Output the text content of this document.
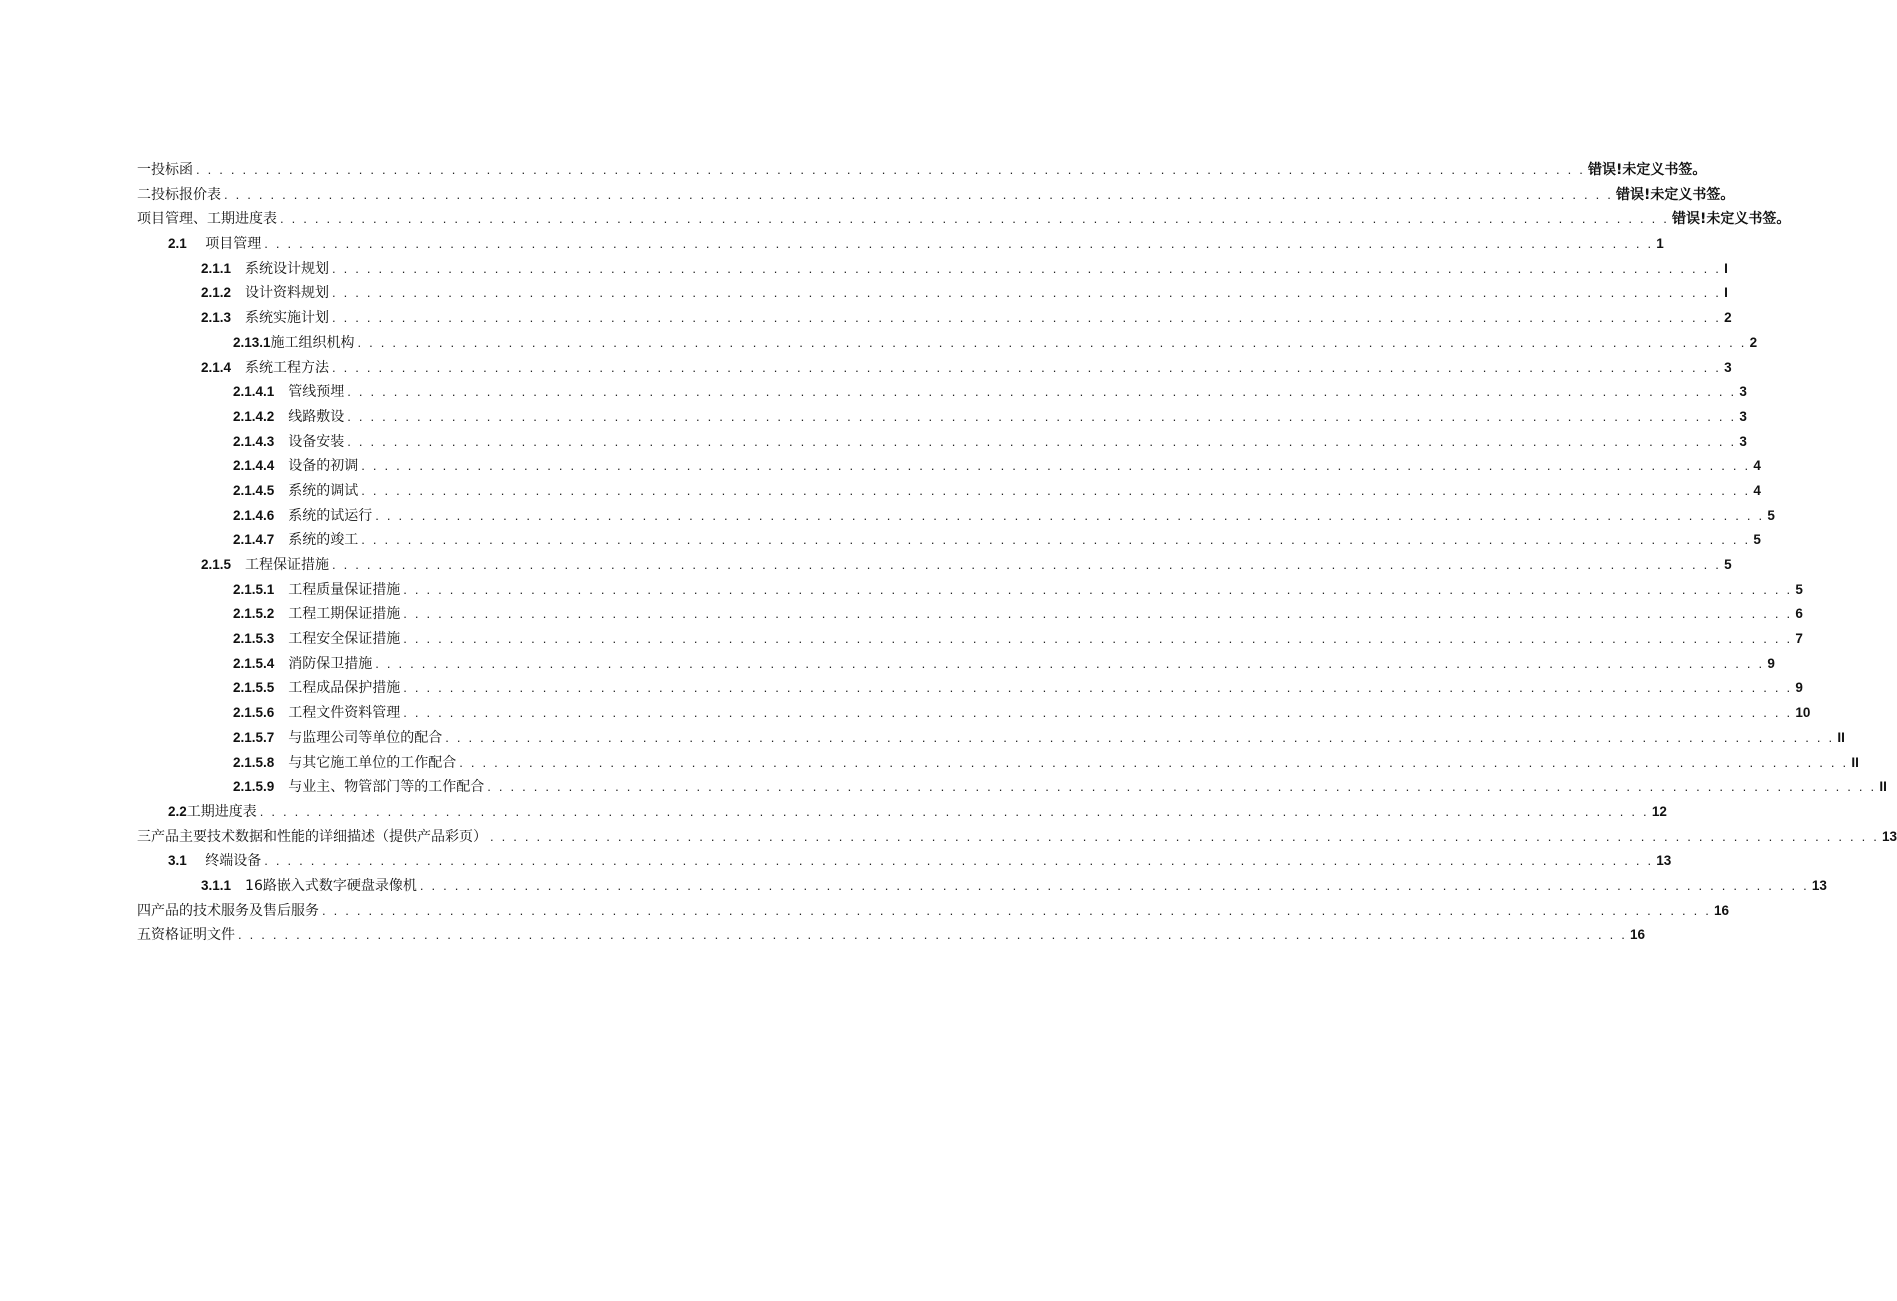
一投标函 . . . . . . . . . . . . . . . . . . . . . . . . . . . . . . . . . . . . . . . . . . . . . . . . . . . . . . . . . . . . . . . . . . . . . . . . . . . . . . . . . . . . . . . . . . . . . . . . . . . . . . . . . . . . . . . . . . . . . . . . 错误!未定义书签。
二投标报价表 . . . . . . . . . . . . . . . . . . . . . . . . . . . . . . . . . . . . . . . . . . . . . . . . . . . . . . . . . . . . . . . . . . . . . . . . . . . . . . . . . . . . . . . . . . . . . . . . . . . . . . . . . . . . . . . . . . . . . . . . 错误!未定义书签。
项目管理、工期进度表 . . . . . . . . . . . . . . . . . . . . . . . . . . . . . . . . . . . . . . . . . . . . . . . . . . . . . . . . . . . . . . . . . . . . . . . . . . . . . . . . . . . . . . . . . . . . . . . . . . . . . . . . . . . . . . . . . . . . . . . . 错误!未定义书签。
2.1  项目管理 . . . . . . . . . . . . . . . . . . . . . . . . . . . . . . . . . . . . . . . . . . . . . . . . . . . . . . . . . . . . . . . . . . . . . . . . . . . . . . . . . . . . . . . . . . . . . . . . . . . . . . . . . . . . . . . . . . . . . . . . 1
2.1.1  系统设计规划 . . . . . . . . . . . . . . . . . . . . . . . . . . . . . . . . . . . . . . . . . . . . . . . . . . . . . . . . . . . . . . . . . . . . . . . . . . . . . . . . . . . . . . . . . . . . . . . . . . . . . . . . . . . . . . . . . . . . . . . . I
2.1.2  设计资料规划 . . . . . . . . . . . . . . . . . . . . . . . . . . . . . . . . . . . . . . . . . . . . . . . . . . . . . . . . . . . . . . . . . . . . . . . . . . . . . . . . . . . . . . . . . . . . . . . . . . . . . . . . . . . . . . . . . . . . . . . . I
2.1.3  系统实施计划 . . . . . . . . . . . . . . . . . . . . . . . . . . . . . . . . . . . . . . . . . . . . . . . . . . . . . . . . . . . . . . . . . . . . . . . . . . . . . . . . . . . . . . . . . . . . . . . . . . . . . . . . . . . . . . . . . . . . . . . . 2
2.13.1施工组织机构 . . . . . . . . . . . . . . . . . . . . . . . . . . . . . . . . . . . . . . . . . . . . . . . . . . . . . . . . . . . . . . . . . . . . . . . . . . . . . . . . . . . . . . . . . . . . . . . . . . . . . . . . . . . . . . . . . . . . . . . . 2
2.1.4  系统工程方法 . . . . . . . . . . . . . . . . . . . . . . . . . . . . . . . . . . . . . . . . . . . . . . . . . . . . . . . . . . . . . . . . . . . . . . . . . . . . . . . . . . . . . . . . . . . . . . . . . . . . . . . . . . . . . . . . . . . . . . . . 3
2.1.4.1  管线预埋 . . . . . . . . . . . . . . . . . . . . . . . . . . . . . . . . . . . . . . . . . . . . . . . . . . . . . . . . . . . . . . . . . . . . . . . . . . . . . . . . . . . . . . . . . . . . . . . . . . . . . . . . . . . . . . . . . . . . . . . . 3
2.1.4.2  线路敷设 . . . . . . . . . . . . . . . . . . . . . . . . . . . . . . . . . . . . . . . . . . . . . . . . . . . . . . . . . . . . . . . . . . . . . . . . . . . . . . . . . . . . . . . . . . . . . . . . . . . . . . . . . . . . . . . . . . . . . . . . 3
2.1.4.3  设备安装 . . . . . . . . . . . . . . . . . . . . . . . . . . . . . . . . . . . . . . . . . . . . . . . . . . . . . . . . . . . . . . . . . . . . . . . . . . . . . . . . . . . . . . . . . . . . . . . . . . . . . . . . . . . . . . . . . . . . . . . . 3
2.1.4.4  设备的初调 . . . . . . . . . . . . . . . . . . . . . . . . . . . . . . . . . . . . . . . . . . . . . . . . . . . . . . . . . . . . . . . . . . . . . . . . . . . . . . . . . . . . . . . . . . . . . . . . . . . . . . . . . . . . . . . . . . . . . . . . 4
2.1.4.5  系统的调试 . . . . . . . . . . . . . . . . . . . . . . . . . . . . . . . . . . . . . . . . . . . . . . . . . . . . . . . . . . . . . . . . . . . . . . . . . . . . . . . . . . . . . . . . . . . . . . . . . . . . . . . . . . . . . . . . . . . . . . . . 4
2.1.4.6  系统的试运行 . . . . . . . . . . . . . . . . . . . . . . . . . . . . . . . . . . . . . . . . . . . . . . . . . . . . . . . . . . . . . . . . . . . . . . . . . . . . . . . . . . . . . . . . . . . . . . . . . . . . . . . . . . . . . . . . . . . . . . . . 5
2.1.4.7  系统的竣工 . . . . . . . . . . . . . . . . . . . . . . . . . . . . . . . . . . . . . . . . . . . . . . . . . . . . . . . . . . . . . . . . . . . . . . . . . . . . . . . . . . . . . . . . . . . . . . . . . . . . . . . . . . . . . . . . . . . . . . . . 5
2.1.5  工程保证措施 . . . . . . . . . . . . . . . . . . . . . . . . . . . . . . . . . . . . . . . . . . . . . . . . . . . . . . . . . . . . . . . . . . . . . . . . . . . . . . . . . . . . . . . . . . . . . . . . . . . . . . . . . . . . . . . . . . . . . . . . 5
2.1.5.1  工程质量保证措施 . . . . . . . . . . . . . . . . . . . . . . . . . . . . . . . . . . . . . . . . . . . . . . . . . . . . . . . . . . . . . . . . . . . . . . . . . . . . . . . . . . . . . . . . . . . . . . . . . . . . . . . . . . . . . . . . . . . . . . . . 5
2.1.5.2  工程工期保证措施 . . . . . . . . . . . . . . . . . . . . . . . . . . . . . . . . . . . . . . . . . . . . . . . . . . . . . . . . . . . . . . . . . . . . . . . . . . . . . . . . . . . . . . . . . . . . . . . . . . . . . . . . . . . . . . . . . . . . . . . . 6
2.1.5.3  工程安全保证措施 . . . . . . . . . . . . . . . . . . . . . . . . . . . . . . . . . . . . . . . . . . . . . . . . . . . . . . . . . . . . . . . . . . . . . . . . . . . . . . . . . . . . . . . . . . . . . . . . . . . . . . . . . . . . . . . . . . . . . . . . 7
2.1.5.4  消防保卫措施 . . . . . . . . . . . . . . . . . . . . . . . . . . . . . . . . . . . . . . . . . . . . . . . . . . . . . . . . . . . . . . . . . . . . . . . . . . . . . . . . . . . . . . . . . . . . . . . . . . . . . . . . . . . . . . . . . . . . . . . . 9
2.1.5.5  工程成品保护措施 . . . . . . . . . . . . . . . . . . . . . . . . . . . . . . . . . . . . . . . . . . . . . . . . . . . . . . . . . . . . . . . . . . . . . . . . . . . . . . . . . . . . . . . . . . . . . . . . . . . . . . . . . . . . . . . . . . . . . . . . 9
2.1.5.6  工程文件资料管理 . . . . . . . . . . . . . . . . . . . . . . . . . . . . . . . . . . . . . . . . . . . . . . . . . . . . . . . . . . . . . . . . . . . . . . . . . . . . . . . . . . . . . . . . . . . . . . . . . . . . . . . . . . . . . . . . . . . . . . . . 10
2.1.5.7  与监理公司等单位的配合 . . . . . . . . . . . . . . . . . . . . . . . . . . . . . . . . . . . . . . . . . . . . . . . . . . . . . . . . . . . . . . . . . . . . . . . . . . . . . . . . . . . . . . . . . . . . . . . . . . . . . . . . . . . . . . . . . . . . . . . . II
2.1.5.8  与其它施工单位的工作配合 . . . . . . . . . . . . . . . . . . . . . . . . . . . . . . . . . . . . . . . . . . . . . . . . . . . . . . . . . . . . . . . . . . . . . . . . . . . . . . . . . . . . . . . . . . . . . . . . . . . . . . . . . . . . . . . . . . . . . . . . II
2.1.5.9  与业主、物管部门等的工作配合 . . . . . . . . . . . . . . . . . . . . . . . . . . . . . . . . . . . . . . . . . . . . . . . . . . . . . . . . . . . . . . . . . . . . . . . . . . . . . . . . . . . . . . . . . . . . . . . . . . . . . . . . . . . . . . . . . . . . . . . . II
2.2工期进度表 . . . . . . . . . . . . . . . . . . . . . . . . . . . . . . . . . . . . . . . . . . . . . . . . . . . . . . . . . . . . . . . . . . . . . . . . . . . . . . . . . . . . . . . . . . . . . . . . . . . . . . . . . . . . . . . . . . . . . . . . 12
三产品主要技术数据和性能的详细描述（提供产品彩页） . . . . . . . . . . . . . . . . . . . . . . . . . . . . . . . . . . . . . . . . . . . . . . . . . . . . . . . . . . . . . . . . . . . . . . . . . . . . . . . . . . . . . . . . . . . . . . . . . . . . . . . . . . . . . . . . . . . . . . . . 13
3.1  终端设备 . . . . . . . . . . . . . . . . . . . . . . . . . . . . . . . . . . . . . . . . . . . . . . . . . . . . . . . . . . . . . . . . . . . . . . . . . . . . . . . . . . . . . . . . . . . . . . . . . . . . . . . . . . . . . . . . . . . . . . . . 13
3.1.1  16路嵌入式数字硬盘录像机 . . . . . . . . . . . . . . . . . . . . . . . . . . . . . . . . . . . . . . . . . . . . . . . . . . . . . . . . . . . . . . . . . . . . . . . . . . . . . . . . . . . . . . . . . . . . . . . . . . . . . . . . . . . . . . . . . . . . . . . . 13
四产品的技术服务及售后服务 . . . . . . . . . . . . . . . . . . . . . . . . . . . . . . . . . . . . . . . . . . . . . . . . . . . . . . . . . . . . . . . . . . . . . . . . . . . . . . . . . . . . . . . . . . . . . . . . . . . . . . . . . . . . . . . . . . . . . . . . 16
五资格证明文件 . . . . . . . . . . . . . . . . . . . . . . . . . . . . . . . . . . . . . . . . . . . . . . . . . . . . . . . . . . . . . . . . . . . . . . . . . . . . . . . . . . . . . . . . . . . . . . . . . . . . . . . . . . . . . . . . . . . . . . . . 16
